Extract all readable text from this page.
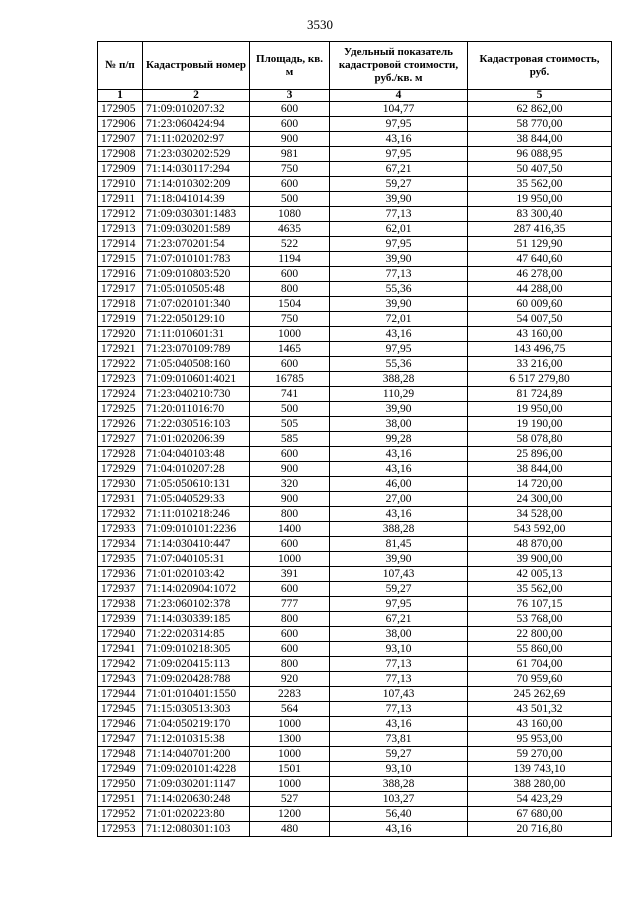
3530
№ п/п	Кадастровый номер	Площадь, кв. м	Удельный показатель кадастровой стоимости, руб./кв. м	Кадастровая стоимость, руб.
1	2	3	4	5
172905	71:09:010207:32	600	104,77	62 862,00
172906	71:23:060424:94	600	97,95	58 770,00
172907	71:11:020202:97	900	43,16	38 844,00
172908	71:23:030202:529	981	97,95	96 088,95
172909	71:14:030117:294	750	67,21	50 407,50
172910	71:14:010302:209	600	59,27	35 562,00
172911	71:18:041014:39	500	39,90	19 950,00
172912	71:09:030301:1483	1080	77,13	83 300,40
172913	71:09:030201:589	4635	62,01	287 416,35
172914	71:23:070201:54	522	97,95	51 129,90
172915	71:07:010101:783	1194	39,90	47 640,60
172916	71:09:010803:520	600	77,13	46 278,00
172917	71:05:010505:48	800	55,36	44 288,00
172918	71:07:020101:340	1504	39,90	60 009,60
172919	71:22:050129:10	750	72,01	54 007,50
172920	71:11:010601:31	1000	43,16	43 160,00
172921	71:23:070109:789	1465	97,95	143 496,75
172922	71:05:040508:160	600	55,36	33 216,00
172923	71:09:010601:4021	16785	388,28	6 517 279,80
172924	71:23:040210:730	741	110,29	81 724,89
172925	71:20:011016:70	500	39,90	19 950,00
172926	71:22:030516:103	505	38,00	19 190,00
172927	71:01:020206:39	585	99,28	58 078,80
172928	71:04:040103:48	600	43,16	25 896,00
172929	71:04:010207:28	900	43,16	38 844,00
172930	71:05:050610:131	320	46,00	14 720,00
172931	71:05:040529:33	900	27,00	24 300,00
172932	71:11:010218:246	800	43,16	34 528,00
172933	71:09:010101:2236	1400	388,28	543 592,00
172934	71:14:030410:447	600	81,45	48 870,00
172935	71:07:040105:31	1000	39,90	39 900,00
172936	71:01:020103:42	391	107,43	42 005,13
172937	71:14:020904:1072	600	59,27	35 562,00
172938	71:23:060102:378	777	97,95	76 107,15
172939	71:14:030339:185	800	67,21	53 768,00
172940	71:22:020314:85	600	38,00	22 800,00
172941	71:09:010218:305	600	93,10	55 860,00
172942	71:09:020415:113	800	77,13	61 704,00
172943	71:09:020428:788	920	77,13	70 959,60
172944	71:01:010401:1550	2283	107,43	245 262,69
172945	71:15:030513:303	564	77,13	43 501,32
172946	71:04:050219:170	1000	43,16	43 160,00
172947	71:12:010315:38	1300	73,81	95 953,00
172948	71:14:040701:200	1000	59,27	59 270,00
172949	71:09:020101:4228	1501	93,10	139 743,10
172950	71:09:030201:1147	1000	388,28	388 280,00
172951	71:14:020630:248	527	103,27	54 423,29
172952	71:01:020223:80	1200	56,40	67 680,00
172953	71:12:080301:103	480	43,16	20 716,80
